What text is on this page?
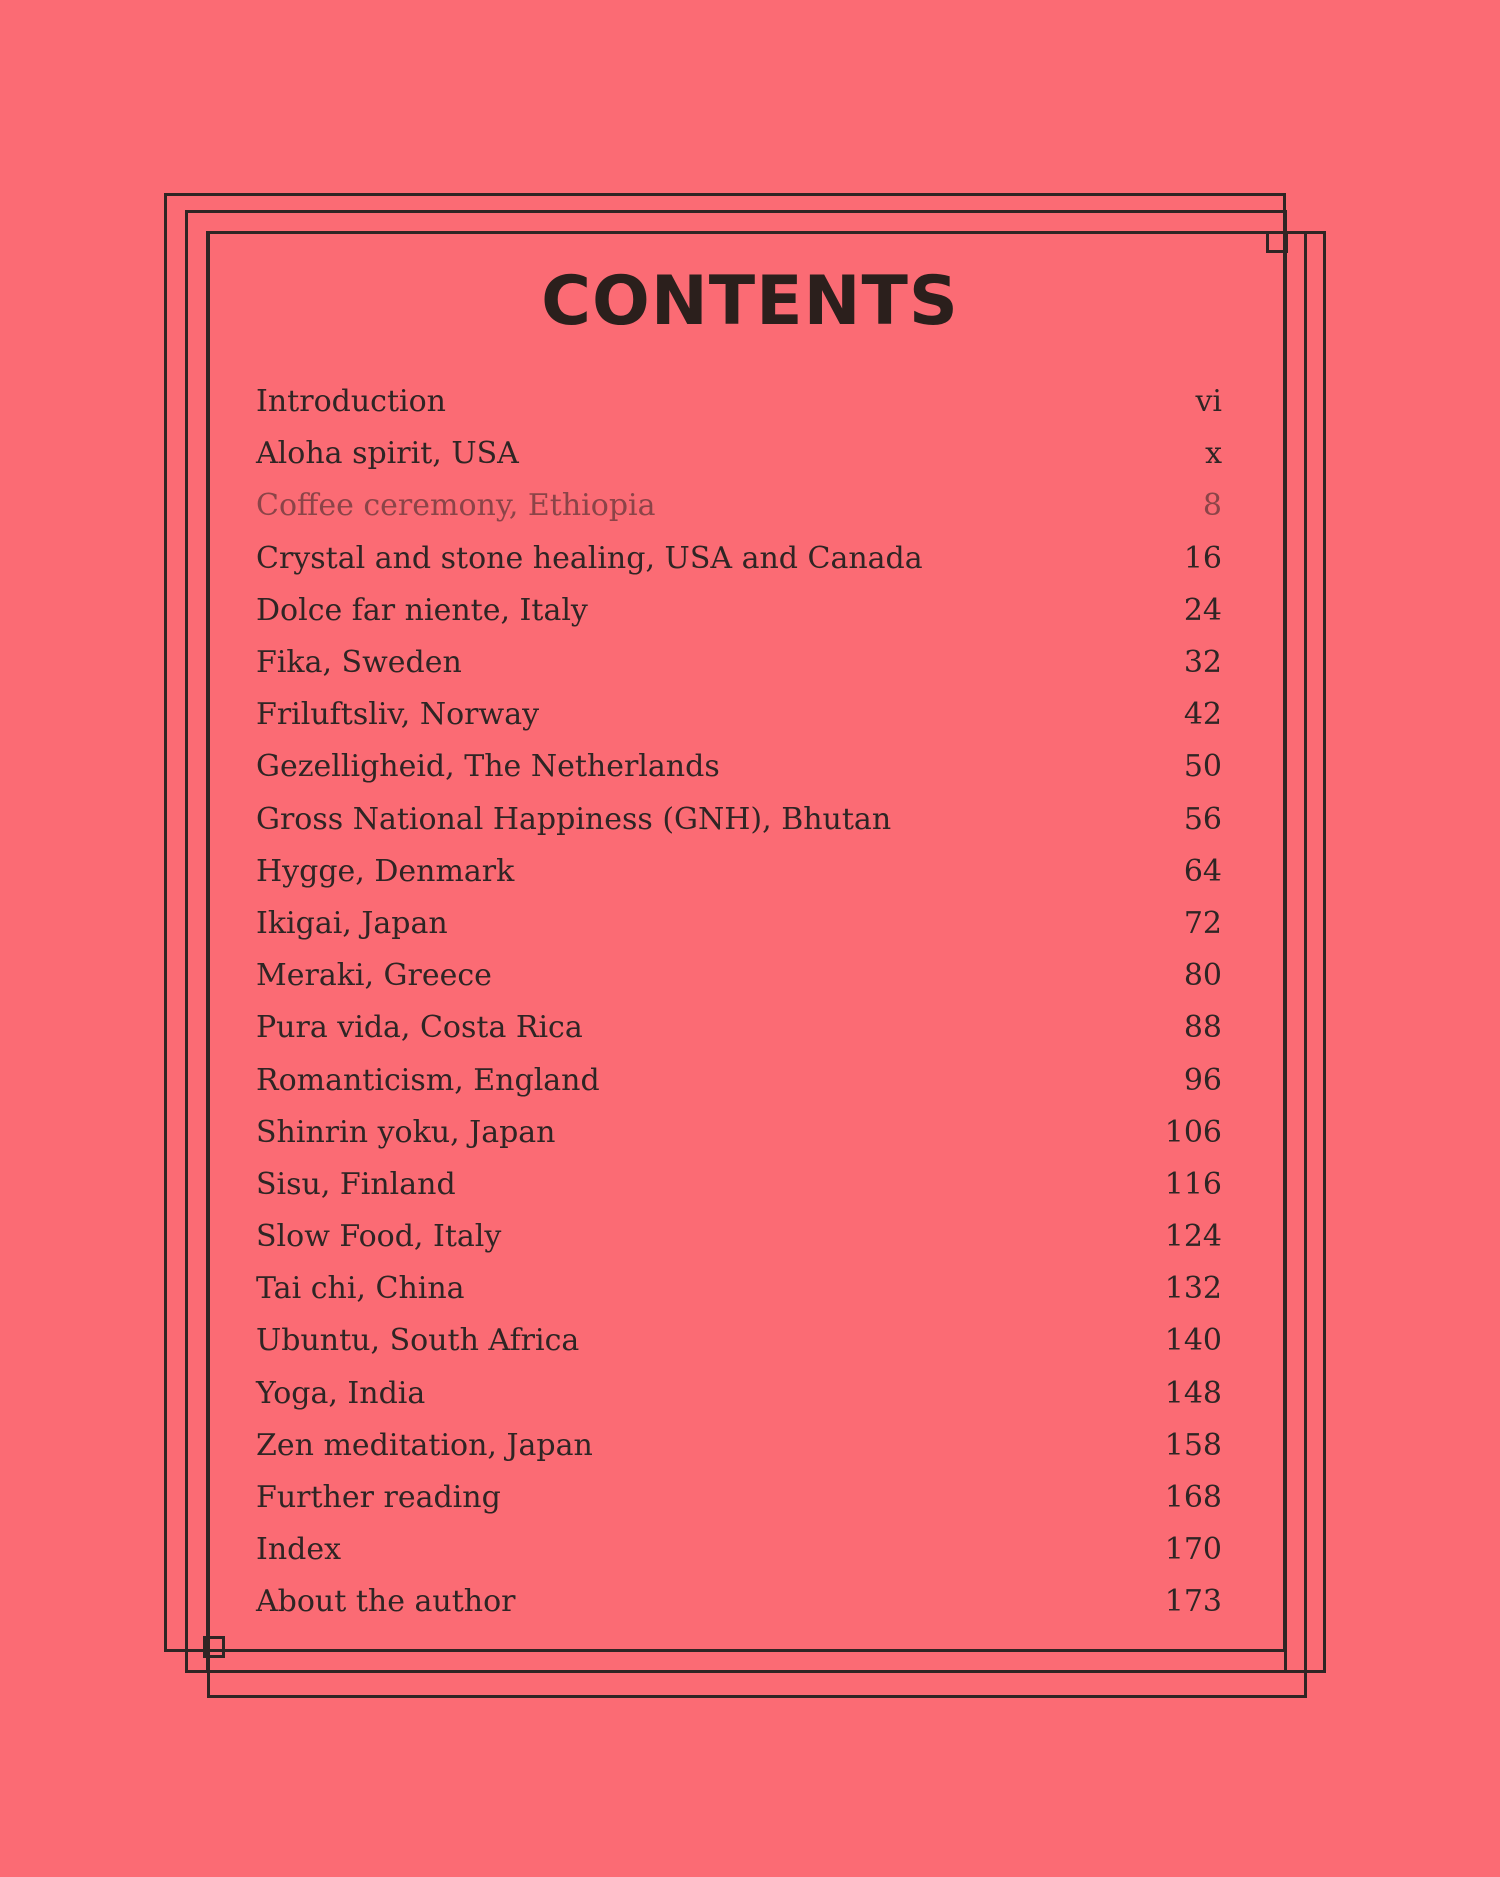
CONTENTS
Introduction	vi
Aloha spirit, USA	x
Coffee ceremony, Ethiopia	8
Crystal and stone healing, USA and Canada	16
Dolce far niente, Italy	24
Fika, Sweden	32
Friluftsliv, Norway	42
Gezelligheid, The Netherlands	50
Gross National Happiness (GNH), Bhutan	56
Hygge, Denmark	64
Ikigai, Japan	72
Meraki, Greece	80
Pura vida, Costa Rica	88
Romanticism, England	96
Shinrin yoku, Japan	106
Sisu, Finland	116
Slow Food, Italy	124
Tai chi, China	132
Ubuntu, South Africa	140
Yoga, India	148
Zen meditation, Japan	158
Further reading	168
Index	170
About the author	173
